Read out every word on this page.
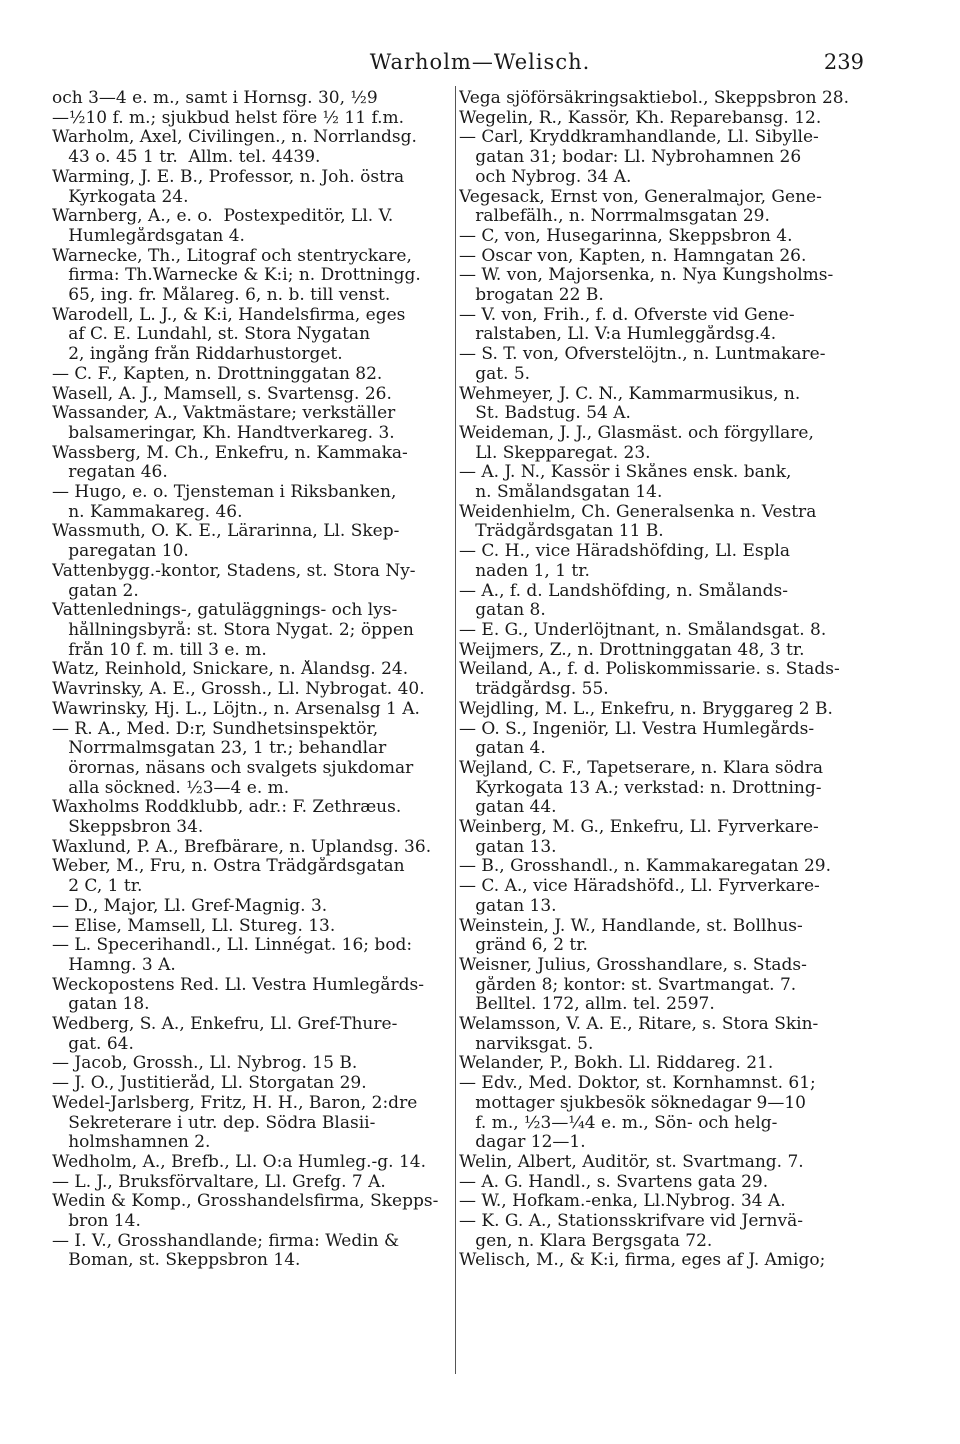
Warholm—Welisch.	239
och 3—4 e. m., samt i Hornsg. 30, ½9
—½10 f. m.; sjukbud helst före ½ 11 f.m.
Warholm, Axel, Civilingen., n. Norrlandsg.
43 o. 45 1 tr.  Allm. tel. 4439.
Warming, J. E. B., Professor, n. Joh. östra
Kyrkogata 24.
Warnberg, A., e. o.  Postexpeditör, Ll. V.
Humlegårdsgatan 4.
Warnecke, Th., Litograf och stentryckare,
firma: Th.Warnecke & K:i; n. Drottningg.
65, ing. fr. Målareg. 6, n. b. till venst.
Warodell, L. J., & K:i, Handelsfirma, eges
af C. E. Lundahl, st. Stora Nygatan
2, ingång från Riddarhustorget.
— C. F., Kapten, n. Drottninggatan 82.
Wasell, A. J., Mamsell, s. Svartensg. 26.
Wassander, A., Vaktmästare; verkställer
balsameringar, Kh. Handtverkareg. 3.
Wassberg, M. Ch., Enkefru, n. Kammaka-
regatan 46.
— Hugo, e. o. Tjensteman i Riksbanken,
n. Kammakareg. 46.
Wassmuth, O. K. E., Lärarinna, Ll. Skep-
paregatan 10.
Vattenbygg.-kontor, Stadens, st. Stora Ny-
gatan 2.
Vattenlednings-, gatuläggnings- och lys-
hållningsbyrå: st. Stora Nygat. 2; öppen
från 10 f. m. till 3 e. m.
Watz, Reinhold, Snickare, n. Ålandsg. 24.
Wavrinsky, A. E., Grossh., Ll. Nybrogat. 40.
Wawrinsky, Hj. L., Löjtn., n. Arsenalsg 1 A.
— R. A., Med. D:r, Sundhetsinspektör,
Norrmalmsgatan 23, 1 tr.; behandlar
örornas, näsans och svalgets sjukdomar
alla söckned. ½3—4 e. m.
Waxholms Roddklubb, adr.: F. Zethræus.
Skeppsbron 34.
Waxlund, P. A., Brefbärare, n. Uplandsg. 36.
Weber, M., Fru, n. Östra Trädgårdsgatan
2 C, 1 tr.
— D., Major, Ll. Gref-Magnig. 3.
— Elise, Mamsell, Ll. Stureg. 13.
— L. Specerihandl., Ll. Linnégat. 16; bod:
Hamng. 3 A.
Weckopostens Red. Ll. Vestra Humlegårds-
gatan 18.
Wedberg, S. A., Enkefru, Ll. Gref-Thure-
gat. 64.
— Jacob, Grossh., Ll. Nybrog. 15 B.
— J. O., Justitieråd, Ll. Storgatan 29.
Wedel-Jarlsberg, Fritz, H. H., Baron, 2:dre
Sekreterare i utr. dep. Södra Blasii-
holmshamnen 2.
Wedholm, A., Brefb., Ll. Ö:a Humleg.-g. 14.
— L. J., Bruksförvaltare, Ll. Grefg. 7 A.
Wedin & Komp., Grosshandelsfirma, Skepps-
bron 14.
— I. V., Grosshandlande; firma: Wedin &
Boman, st. Skeppsbron 14.
Vega sjöförsäkringsaktiebol., Skeppsbron 28.
Wegelin, R., Kassör, Kh. Reparebansg. 12.
— Carl, Kryddkramhandlande, Ll. Sibylle-
gatan 31; bodar: Ll. Nybrohamnen 26
och Nybrog. 34 A.
Vegesack, Ernst von, Generalmajor, Gene-
ralbefälh., n. Norrmalmsgatan 29.
— C, von, Husegarinna, Skeppsbron 4.
— Oscar von, Kapten, n. Hamngatan 26.
— W. von, Majorsenka, n. Nya Kungsholms-
brogatan 22 B.
— V. von, Frih., f. d. Öfverste vid Gene-
ralstaben, Ll. V:a Humleggårdsg.4.
— S. T. von, Öfverstelöjtn., n. Luntmakare-
gat. 5.
Wehmeyer, J. C. N., Kammarmusikus, n.
St. Badstug. 54 A.
Weideman, J. J., Glasmäst. och förgyllare,
Ll. Skepparegat. 23.
— A. J. N., Kassör i Skånes ensk. bank,
n. Smålandsgatan 14.
Weidenhielm, Ch. Generalsenka n. Vestra
Trädgårdsgatan 11 B.
— C. H., vice Häradshöfding, Ll. Espla
naden 1, 1 tr.
— A., f. d. Landshöfding, n. Smålands-
gatan 8.
— E. G., Underlöjtnant, n. Smålandsgat. 8.
Weijmers, Z., n. Drottninggatan 48, 3 tr.
Weiland, A., f. d. Poliskommissarie. s. Stads-
trädgårdsg. 55.
Wejdling, M. L., Enkefru, n. Bryggareg 2 B.
— O. S., Ingeniör, Ll. Vestra Humlegårds-
gatan 4.
Wejland, C. F., Tapetserare, n. Klara södra
Kyrkogata 13 A.; verkstad: n. Drottning-
gatan 44.
Weinberg, M. G., Enkefru, Ll. Fyrverkare-
gatan 13.
— B., Grosshandl., n. Kammakaregatan 29.
— C. A., vice Häradshöfd., Ll. Fyrverkare-
gatan 13.
Weinstein, J. W., Handlande, st. Bollhus-
gränd 6, 2 tr.
Weisner, Julius, Grosshandlare, s. Stads-
gården 8; kontor: st. Svartmangat. 7.
Belltel. 172, allm. tel. 2597.
Welamsson, V. A. E., Ritare, s. Stora Skin-
narviksgat. 5.
Welander, P., Bokh. Ll. Riddareg. 21.
— Edv., Med. Doktor, st. Kornhamnst. 61;
mottager sjukbesök söknedagar 9—10
f. m., ½3—¼4 e. m., Sön- och helg-
dagar 12—1.
Welin, Albert, Auditör, st. Svartmang. 7.
— A. G. Handl., s. Svartens gata 29.
— W., Hofkam.-enka, Ll.Nybrog. 34 A.
— K. G. A., Stationsskrifvare vid Jernvä-
gen, n. Klara Bergsgata 72.
Welisch, M., & K:i, firma, eges af J. Amigo;
